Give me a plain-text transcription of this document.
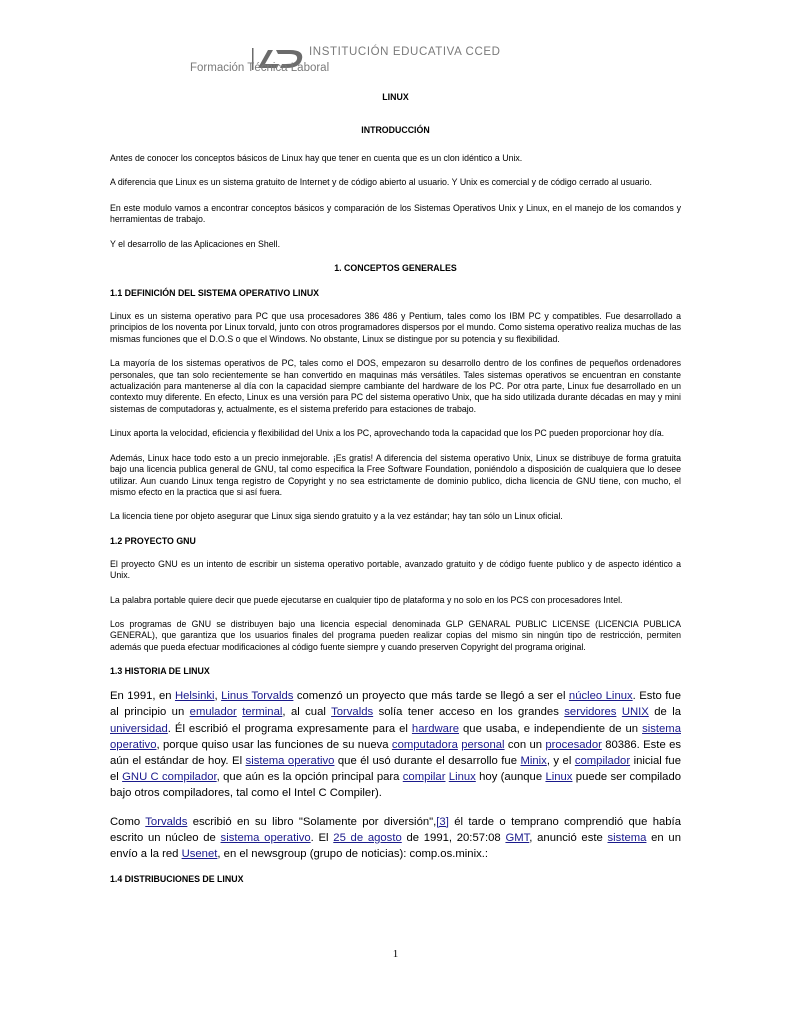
INSTITUCIÓN EDUCATIVA CCED
Formación Técnica Laboral
LINUX
INTRODUCCIÓN

Antes de conocer los conceptos básicos de Linux hay que tener en cuenta que es un clon idéntico a Unix.

A diferencia que Linux es un sistema gratuito de Internet y de código abierto al usuario. Y Unix es comercial y de código cerrado al usuario.

En este modulo vamos a encontrar conceptos básicos y comparación de los Sistemas Operativos Unix y Linux, en el manejo de los comandos y herramientas de trabajo.

Y el desarrollo de las Aplicaciones en Shell.

1. CONCEPTOS GENERALES
1.1 DEFINICIÓN DEL SISTEMA OPERATIVO LINUX

Linux es un sistema operativo para PC que usa procesadores 386 486 y Pentium, tales como los IBM PC y compatibles. Fue desarrollado a principios de los noventa por Linux torvald, junto con otros programadores dispersos por el mundo. Como sistema operativo realiza muchas de las mismas funciones que el D.O.S o que el Windows. No obstante, Linux se distingue por su potencia y su flexibilidad.

La mayoría de los sistemas operativos de PC, tales como el DOS, empezaron su desarrollo dentro de los confines de pequeños ordenadores personales, que tan solo recientemente se han convertido en maquinas más versátiles. Tales sistemas operativos se encuentran en constante actualización para mantenerse al día con la capacidad siempre cambiante del hardware de los PC. Por otra parte, Linux fue desarrollado en un contexto muy diferente. En efecto, Linux es una versión para PC del sistema operativo Unix, que ha sido utilizada durante décadas en may y mini sistemas de computadoras y, actualmente, es el sistema preferido para estaciones de trabajo.

Linux aporta la velocidad, eficiencia y flexibilidad del Unix a los PC, aprovechando toda la capacidad que los PC pueden proporcionar hoy día.

Además, Linux hace todo esto a un precio inmejorable. ¡Es gratis! A diferencia del sistema operativo Unix, Linux se distribuye de forma gratuita bajo una licencia publica general de GNU, tal como especifica la Free Software Foundation, poniéndolo a disposición de cualquiera que lo desee utilizar. Aun cuando Linux tenga registro de Copyright y no sea estrictamente de dominio publico, dicha licencia de GNU tiene, con mucho, el mismo efecto en la practica que si así fuera.

La licencia tiene por objeto asegurar que Linux siga siendo gratuito y a la vez estándar; hay tan sólo un Linux oficial.

1.2 PROYECTO GNU

El proyecto GNU es un intento de escribir un sistema operativo portable, avanzado gratuito y de código fuente publico y de aspecto idéntico a Unix.

La palabra portable quiere decir que puede ejecutarse en cualquier tipo de plataforma y no solo en los PCS con procesadores Intel.

Los programas de GNU se distribuyen bajo una licencia especial denominada GLP GENARAL PUBLIC LICENSE (LICENCIA PUBLICA GENERAL), que garantiza que los usuarios finales del programa pueden realizar copias del mismo sin ningún tipo de restricción, permiten además que pueda efectuar modificaciones al código fuente siempre y cuando preserven Copyright del programa original.

1.3 HISTORIA DE LINUX

En 1991, en Helsinki, Linus Torvalds comenzó un proyecto que más tarde se llegó a ser el núcleo Linux. Esto fue al principio un emulador terminal, al cual Torvalds solía tener acceso en los grandes servidores UNIX de la universidad. Él escribió el programa expresamente para el hardware que usaba, e independiente de un sistema operativo, porque quiso usar las funciones de su nueva computadora personal con un procesador 80386. Este es aún el estándar de hoy. El sistema operativo que él usó durante el desarrollo fue Minix, y el compilador inicial fue el GNU C compilador, que aún es la opción principal para compilar Linux hoy (aunque Linux puede ser compilado bajo otros compiladores, tal como el Intel C Compiler).

Como Torvalds escribió en su libro "Solamente por diversión",[3] él tarde o temprano comprendió que había escrito un núcleo de sistema operativo. El 25 de agosto de 1991, 20:57:08 GMT, anunció este sistema en un envío a la red Usenet, en el newsgroup (grupo de noticias): comp.os.minix.:

1.4 DISTRIBUCIONES DE LINUX
1
